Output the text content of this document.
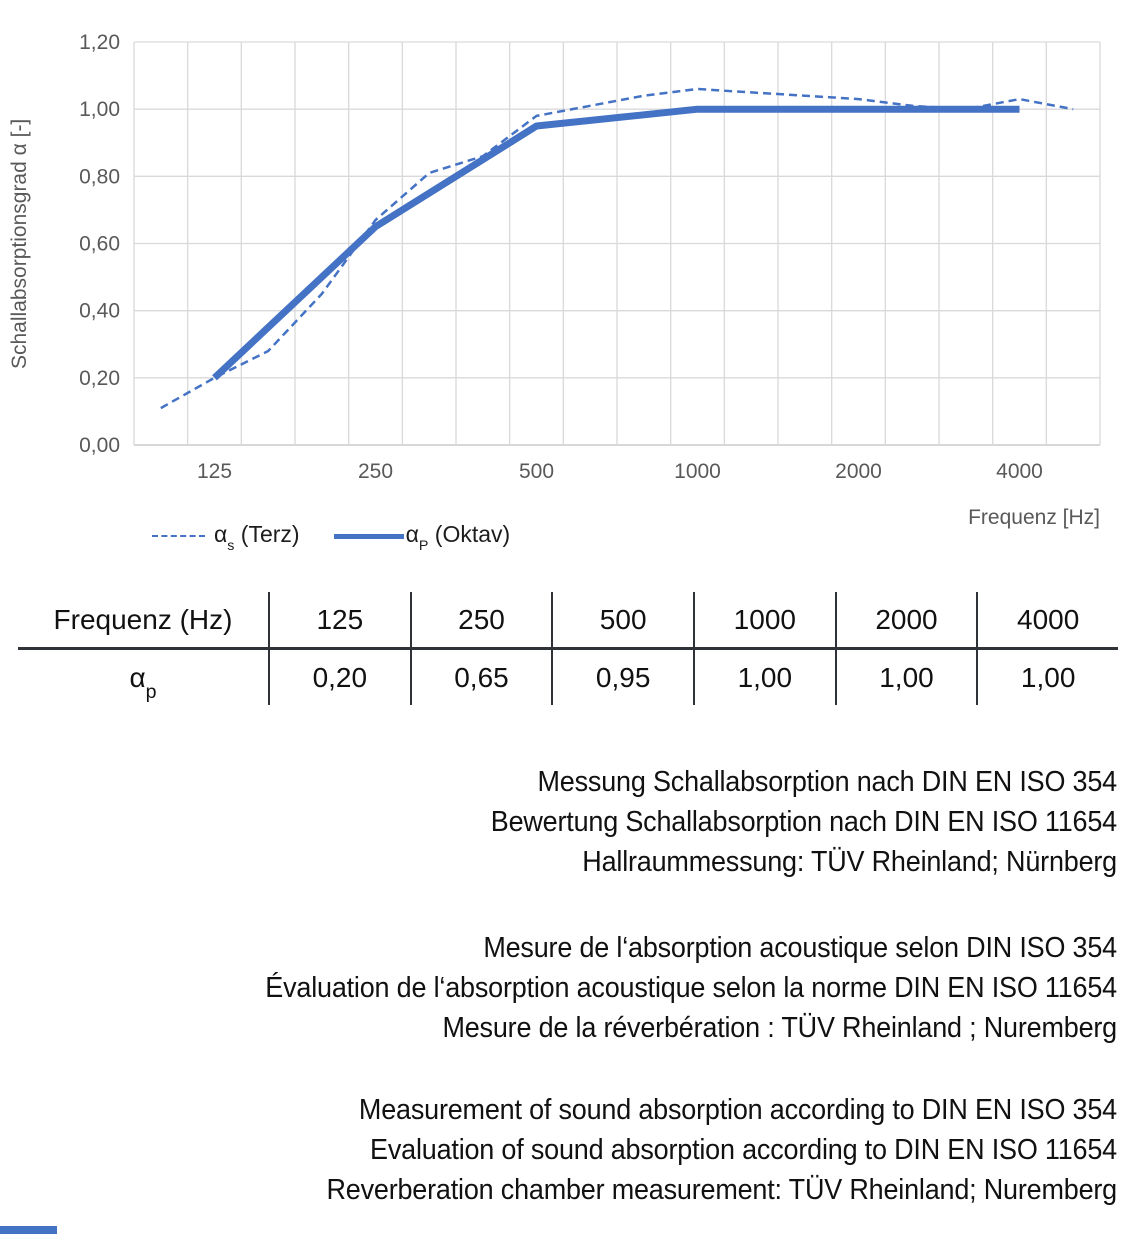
0,00
0,20
0,40
0,60
0,80
1,00
1,20
125	250	500	1000	2000	4000
Schallabsorptionsgrad α [-]
Frequenz [Hz]
$\alpha_s$ (Terz)	$\alpha_P$ (Oktav)
Frequenz (Hz)	125	250	500	1000	2000	4000
$\alpha_p$	0,20	0,65	0,95	1,00	1,00	1,00
Messung Schallabsorption nach DIN EN ISO 354
Bewertung Schallabsorption nach DIN EN ISO 11654
Hallraummessung: TÜV Rheinland; Nürnberg
Mesure de l‘absorption acoustique selon DIN ISO 354
Évaluation de l‘absorption acoustique selon la norme DIN EN ISO 11654
Mesure de la réverbération : TÜV Rheinland ; Nuremberg
Measurement of sound absorption according to DIN EN ISO 354
Evaluation of sound absorption according to DIN EN ISO 11654
Reverberation chamber measurement: TÜV Rheinland; Nuremberg
